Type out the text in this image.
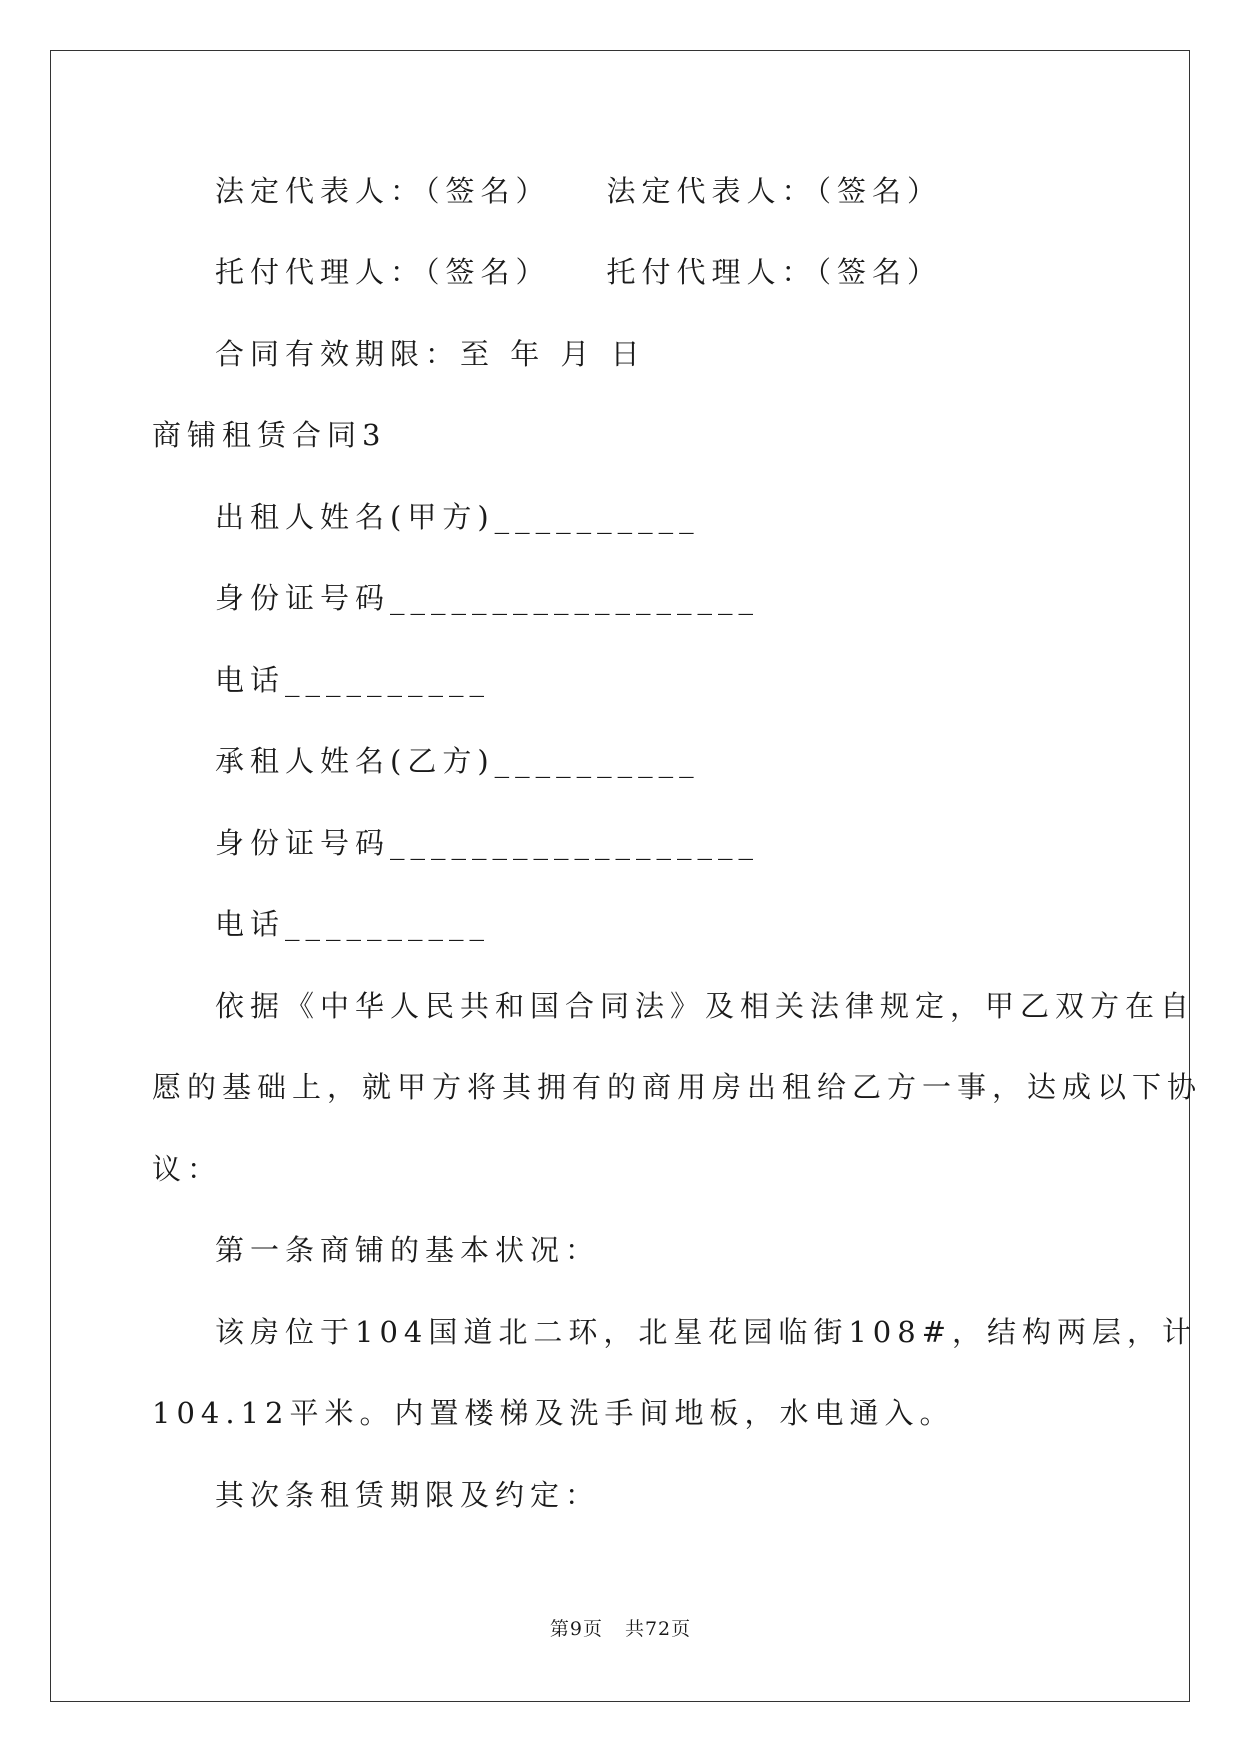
法定代表人：（签名） 法定代表人：（签名）
托付代理人：（签名） 托付代理人：（签名）
合同有效期限：至 年 月 日
商铺租赁合同3
出租人姓名(甲方)__________
身份证号码__________________
电话__________
承租人姓名(乙方)__________
身份证号码__________________
电话__________
依据《中华人民共和国合同法》及相关法律规定，甲乙双方在自
愿的基础上，就甲方将其拥有的商用房出租给乙方一事，达成以下协
议：
第一条商铺的基本状况：
该房位于104国道北二环，北星花园临街108#，结构两层，计
104.12平米。内置楼梯及洗手间地板，水电通入。
其次条租赁期限及约定：
第9页 共72页
